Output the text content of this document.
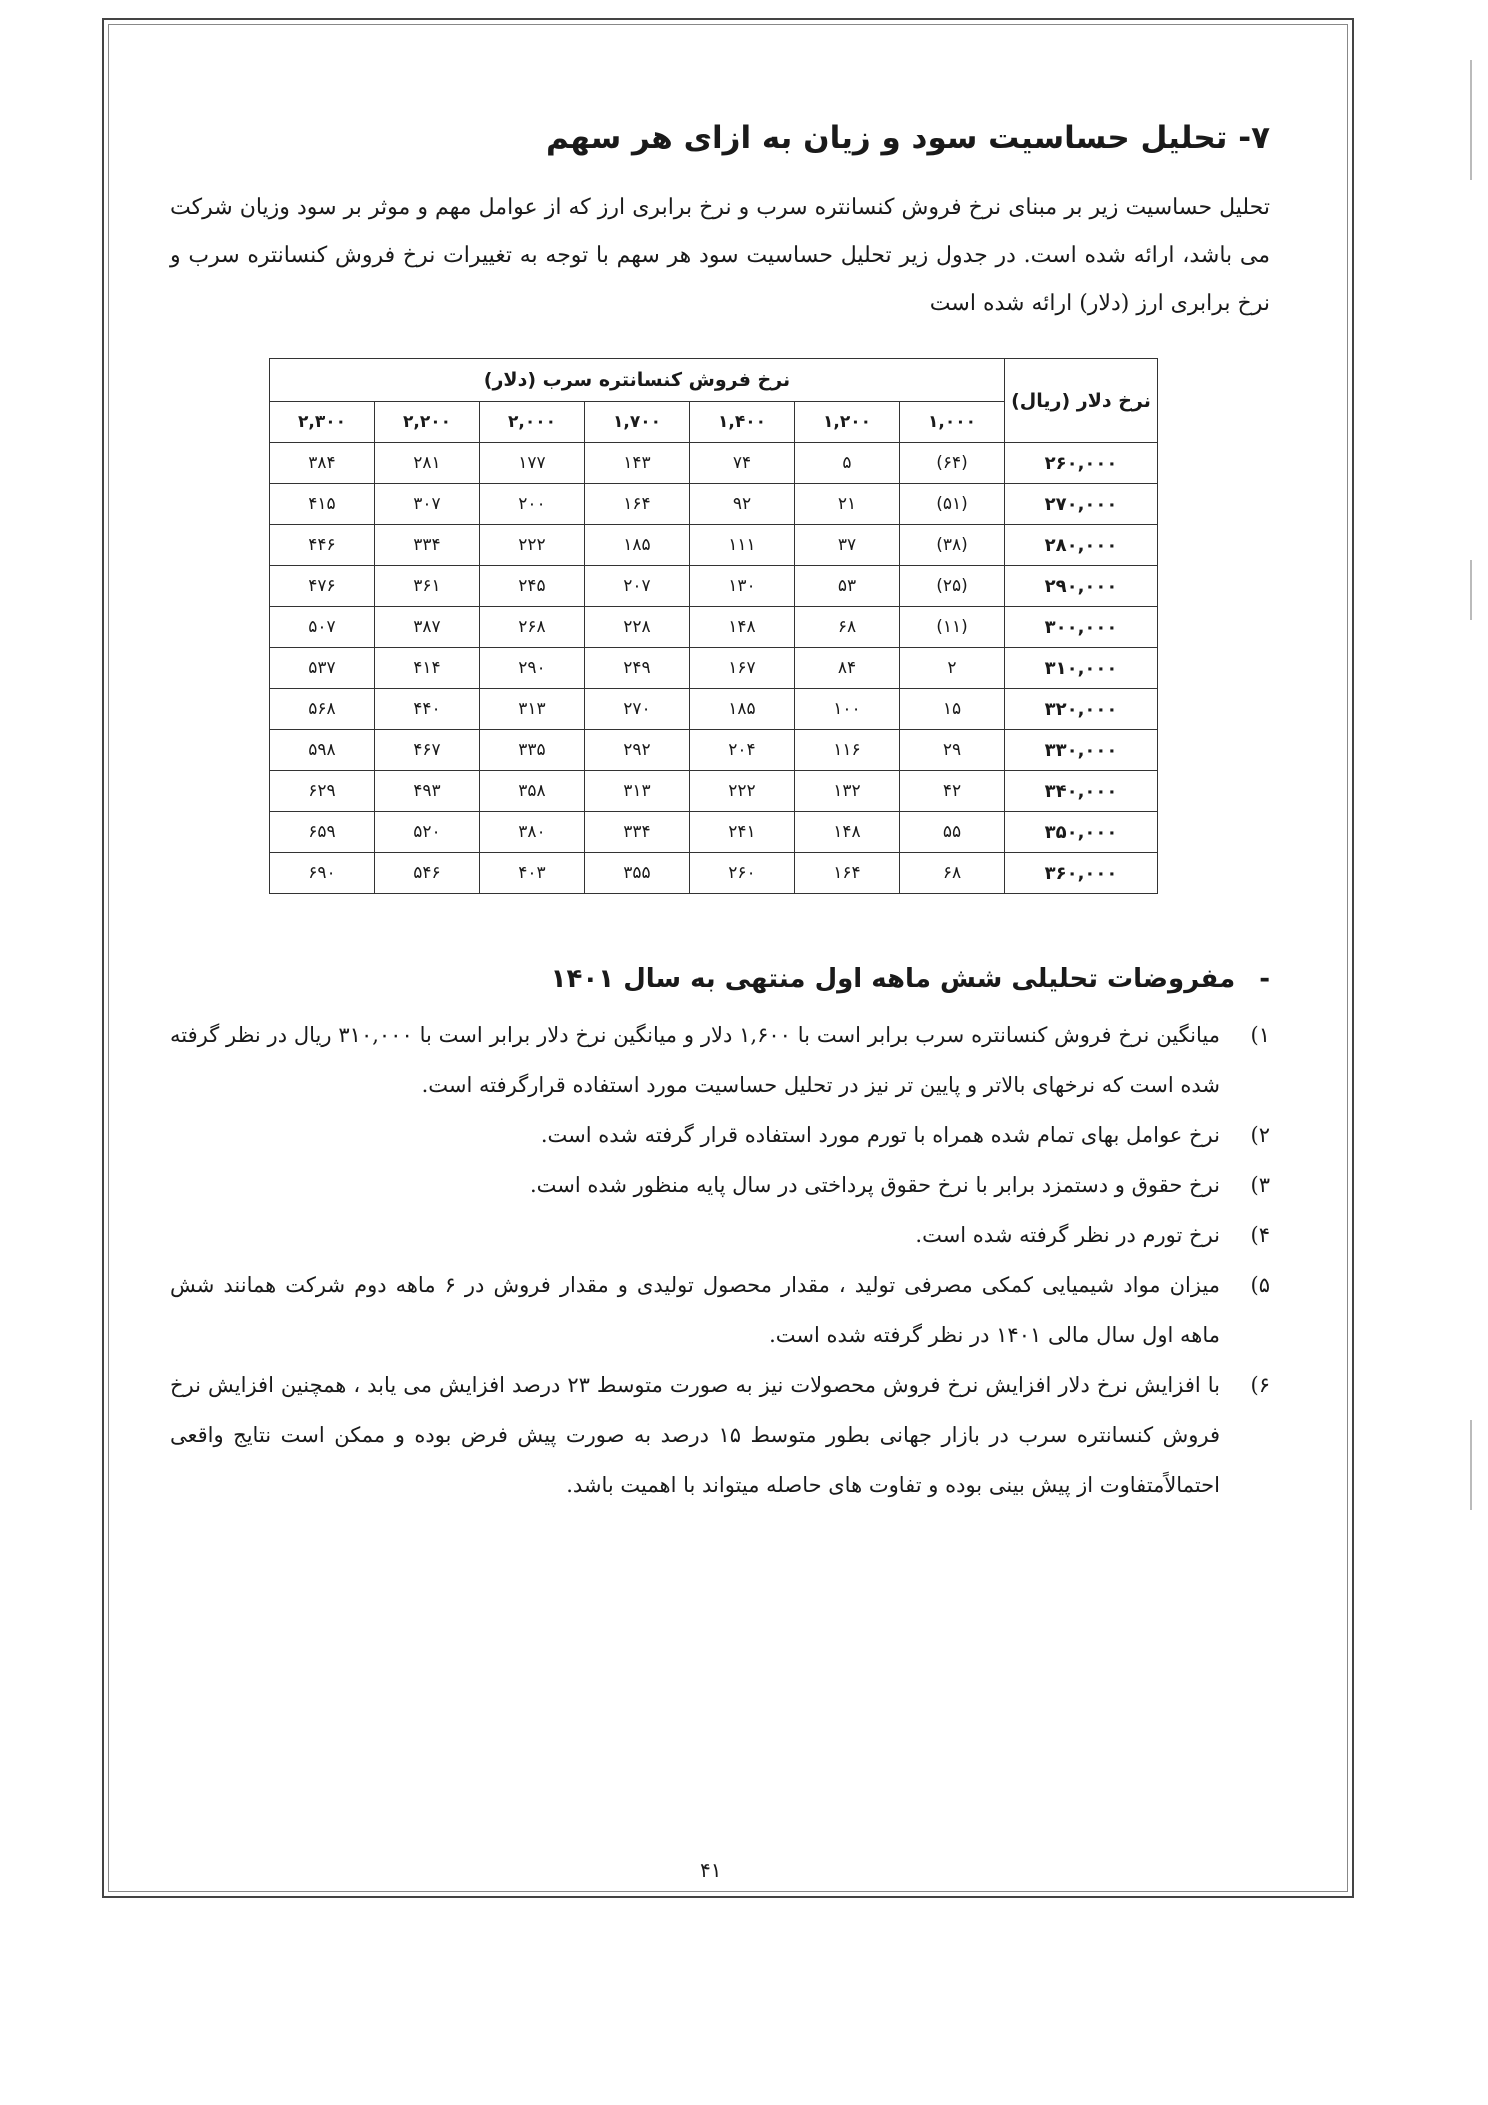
۷- تحلیل حساسیت سود و زیان به ازای هر سهم

تحلیل حساسیت زیر بر مبنای نرخ فروش کنسانتره سرب و نرخ برابری ارز که از عوامل مهم و موثر بر سود وزیان شرکت می باشد، ارائه شده است. در جدول زیر تحلیل حساسیت سود هر سهم با توجه به تغییرات نرخ فروش کنسانتره سرب و نرخ برابری ارز (دلار) ارائه شده است

نرخ دلار (ریال)	نرخ فروش کنسانتره سرب (دلار)						
	۱,۰۰۰	۱,۲۰۰	۱,۴۰۰	۱,۷۰۰	۲,۰۰۰	۲,۲۰۰	۲,۳۰۰
۲۶۰,۰۰۰	(۶۴)	۵	۷۴	۱۴۳	۱۷۷	۲۸۱	۳۸۴
۲۷۰,۰۰۰	(۵۱)	۲۱	۹۲	۱۶۴	۲۰۰	۳۰۷	۴۱۵
۲۸۰,۰۰۰	(۳۸)	۳۷	۱۱۱	۱۸۵	۲۲۲	۳۳۴	۴۴۶
۲۹۰,۰۰۰	(۲۵)	۵۳	۱۳۰	۲۰۷	۲۴۵	۳۶۱	۴۷۶
۳۰۰,۰۰۰	(۱۱)	۶۸	۱۴۸	۲۲۸	۲۶۸	۳۸۷	۵۰۷
۳۱۰,۰۰۰	۲	۸۴	۱۶۷	۲۴۹	۲۹۰	۴۱۴	۵۳۷
۳۲۰,۰۰۰	۱۵	۱۰۰	۱۸۵	۲۷۰	۳۱۳	۴۴۰	۵۶۸
۳۳۰,۰۰۰	۲۹	۱۱۶	۲۰۴	۲۹۲	۳۳۵	۴۶۷	۵۹۸
۳۴۰,۰۰۰	۴۲	۱۳۲	۲۲۲	۳۱۳	۳۵۸	۴۹۳	۶۲۹
۳۵۰,۰۰۰	۵۵	۱۴۸	۲۴۱	۳۳۴	۳۸۰	۵۲۰	۶۵۹
۳۶۰,۰۰۰	۶۸	۱۶۴	۲۶۰	۳۵۵	۴۰۳	۵۴۶	۶۹۰
-مفروضات تحلیلی شش ماهه اول منتهی به سال ۱۴۰۱
۱)
میانگین نرخ فروش کنسانتره سرب برابر است با ۱,۶۰۰ دلار و میانگین نرخ دلار برابر است با ۳۱۰,۰۰۰ ریال در نظر گرفته شده است که نرخهای بالاتر و پایین تر نیز در تحلیل حساسیت مورد استفاده قرارگرفته است.
۲)
نرخ عوامل بهای تمام شده همراه با تورم مورد استفاده قرار گرفته شده است.
۳)
نرخ حقوق و دستمزد برابر با نرخ حقوق پرداختی در سال پایه منظور شده است.
۴)
نرخ تورم در نظر گرفته شده است.
۵)
میزان مواد شیمیایی کمکی مصرفی تولید ، مقدار محصول تولیدی و مقدار فروش در ۶ ماهه دوم شرکت همانند شش ماهه اول سال مالی ۱۴۰۱ در نظر گرفته شده است.
۶)
با افزایش نرخ دلار افزایش نرخ فروش محصولات نیز به صورت متوسط ۲۳ درصد افزایش می یابد ، همچنین افزایش نرخ فروش کنسانتره سرب در بازار جهانی بطور متوسط ۱۵ درصد به صورت پیش فرض بوده و ممکن است نتایج واقعی احتمالاًمتفاوت از پیش بینی بوده و تفاوت های حاصله میتواند با اهمیت باشد.
۴۱
